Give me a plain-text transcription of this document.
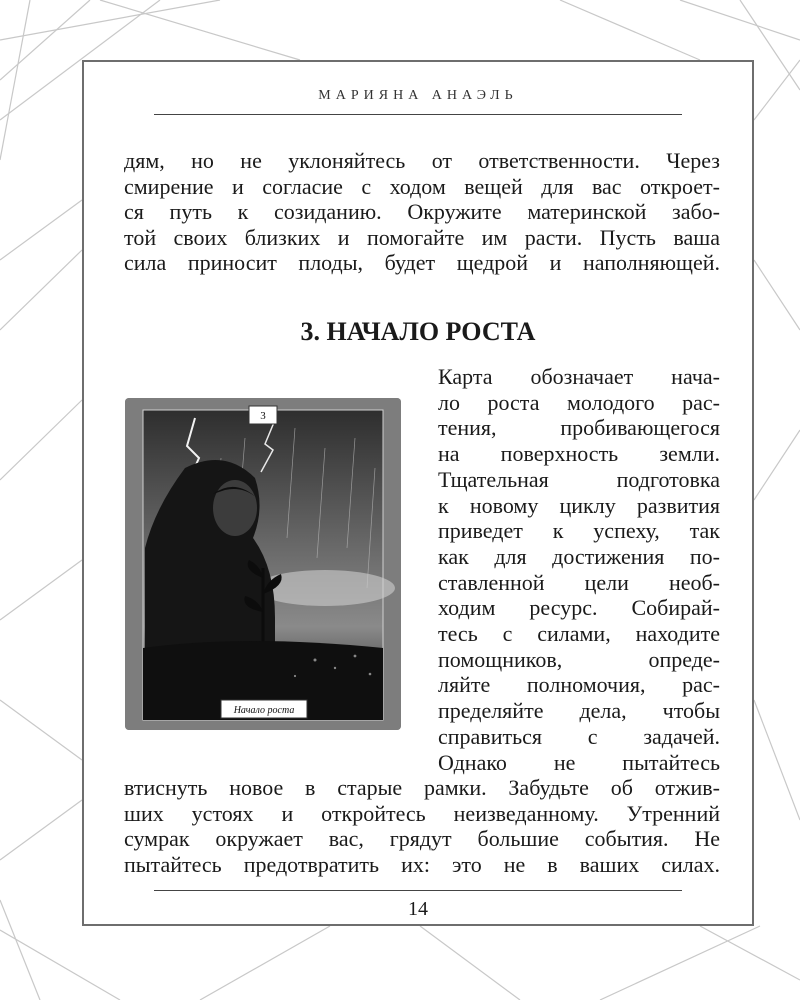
МАРИЯНА АНАЭЛЬ
дям, но не уклоняйтесь от ответственности. Через
смирение и согласие с ходом вещей для вас откроет-
ся путь к созиданию. Окружите материнской забо-
той своих близких и помогайте им расти. Пусть ваша
сила приносит плоды, будет щедрой и наполняющей.
3. НАЧАЛО РОСТА
3
Начало роста
Карта обозначает нача-
ло роста молодого рас-
тения, пробивающегося
на поверхность земли.
Тщательная подготовка
к новому циклу развития
приведет к успеху, так
как для достижения по-
ставленной цели необ-
ходим ресурс. Собирай-
тесь с силами, находите
помощников, опреде-
ляйте полномочия, рас-
пределяйте дела, чтобы
справиться с задачей.
Однако не пытайтесь
втиснуть новое в старые рамки. Забудьте об отжив-
ших устоях и откройтесь неизведанному. Утренний
сумрак окружает вас, грядут большие события. Не
пытайтесь предотвратить их: это не в ваших силах.
14
